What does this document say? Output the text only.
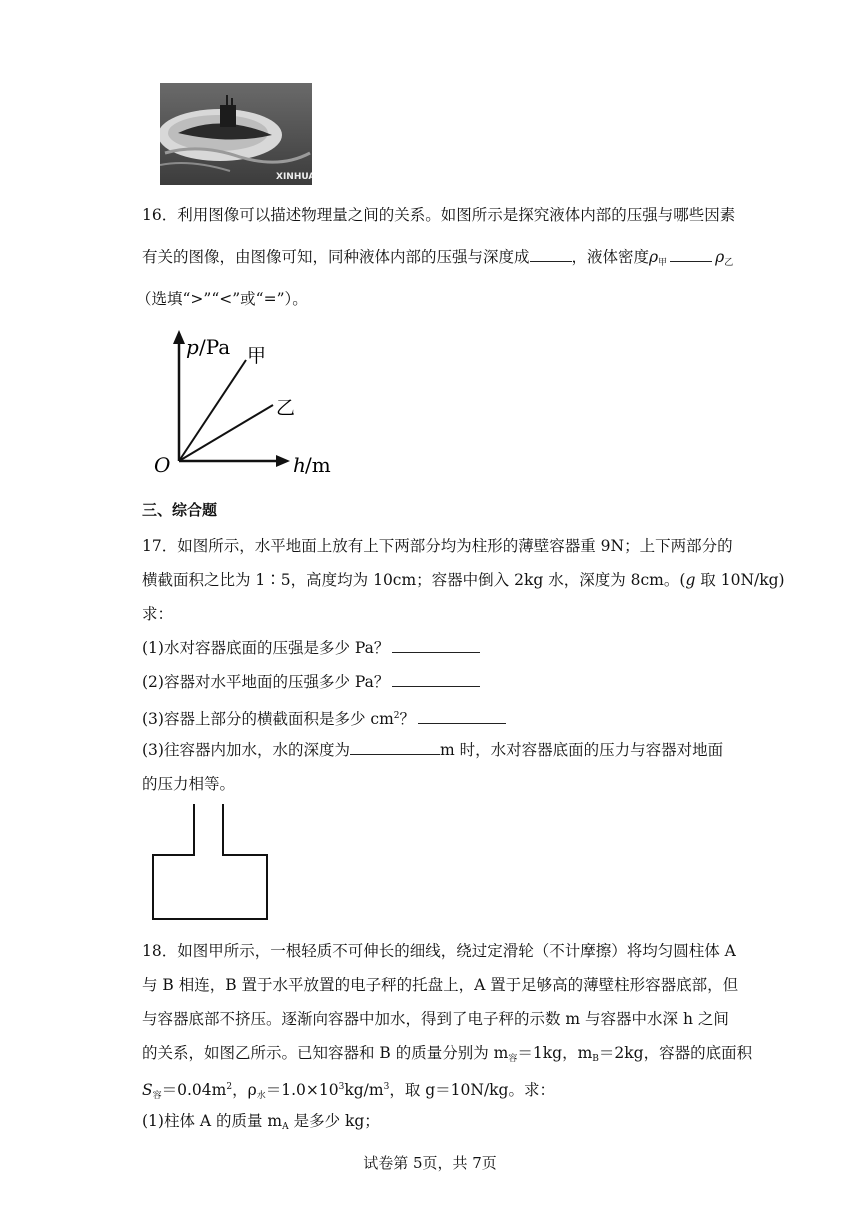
XINHUA
16．利用图像可以描述物理量之间的关系。如图所示是探究液体内部的压强与哪些因素
有关的图像，由图像可知，同种液体内部的压强与深度成	，液体密度$\rho_甲$	$\rho_乙$
（选填“>”“<”或“=”）。
p /Pa 甲
乙
O	h /m
三、综合题
17．如图所示，水平地面上放有上下两部分均为柱形的薄壁容器重 9N；上下两部分的
横截面积之比为 1∶5，高度均为 10cm；容器中倒入 2kg 水，深度为 8cm。(g 取 10N/kg)
求：
(1)水对容器底面的压强是多少 Pa？
(2)容器对水平地面的压强多少 Pa？
(3)容器上部分的横截面积是多少 $cm^2$？
(3)往容器内加水，水的深度为	m 时，水对容器底面的压力与容器对地面
的压力相等。
18．如图甲所示，一根轻质不可伸长的细线，绕过定滑轮（不计摩擦）将均匀圆柱体 A
与 B 相连，B 置于水平放置的电子秤的托盘上，A 置于足够高的薄壁柱形容器底部，但
与容器底部不挤压。逐渐向容器中加水，得到了电子秤的示数 m 与容器中水深 h 之间
的关系，如图乙所示。已知容器和 B 的质量分别为 $m_容=1kg$，$m_B=2kg$，容器的底面积
$S_容=0.04m^2$，$\rho_水=1.0\times 10^3kg/m^3$，取 g＝10N/kg。求：
(1)柱体 A 的质量 $m_A$ 是多少 kg；
试卷第 5页，共 7页
